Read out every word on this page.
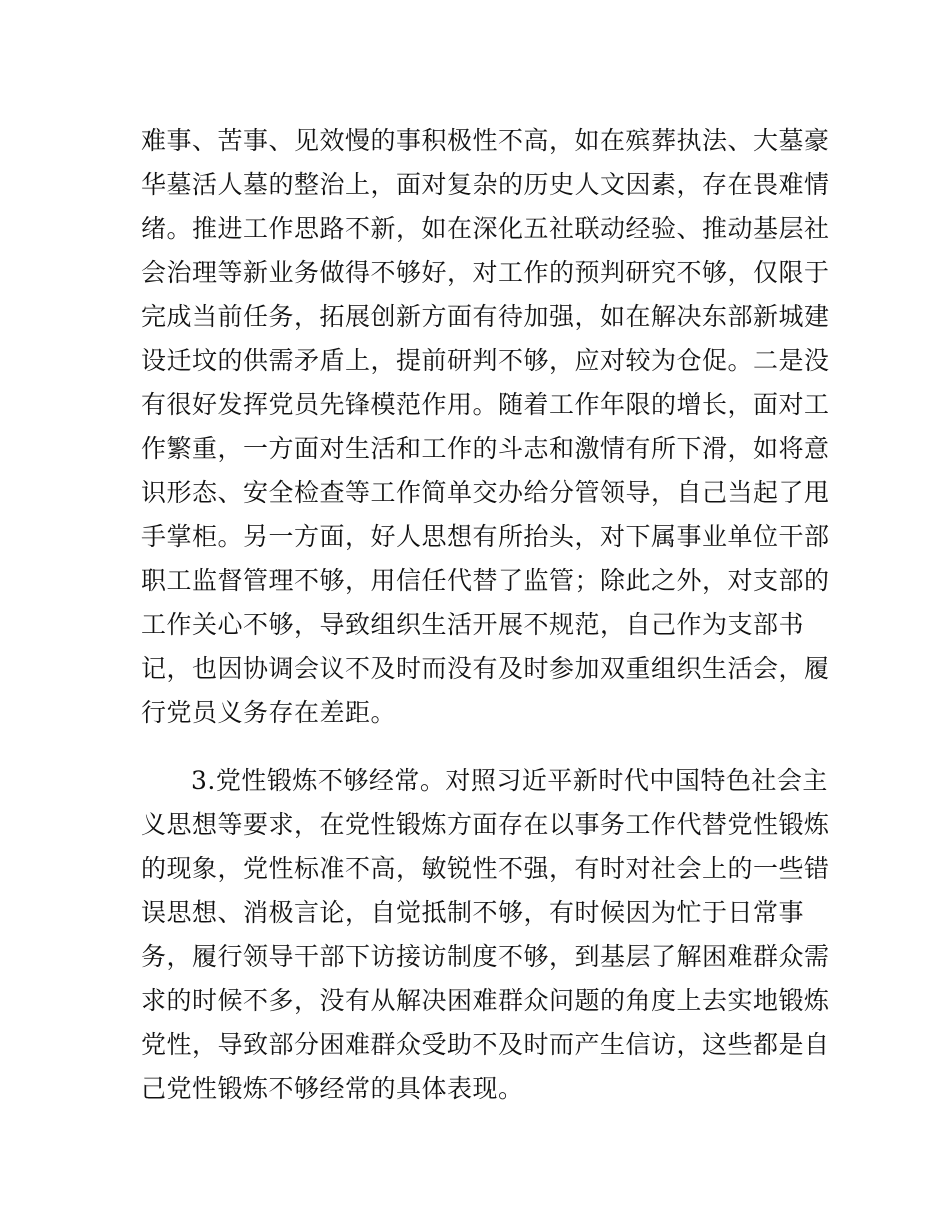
难事、苦事、见效慢的事积极性不高，如在殡葬执法、大墓豪
华墓活人墓的整治上，面对复杂的历史人文因素，存在畏难情
绪。推进工作思路不新，如在深化五社联动经验、推动基层社
会治理等新业务做得不够好，对工作的预判研究不够，仅限于
完成当前任务，拓展创新方面有待加强，如在解决东部新城建
设迁坟的供需矛盾上，提前研判不够，应对较为仓促。二是没
有很好发挥党员先锋模范作用。随着工作年限的增长，面对工
作繁重，一方面对生活和工作的斗志和激情有所下滑，如将意
识形态、安全检查等工作简单交办给分管领导，自己当起了甩
手掌柜。另一方面，好人思想有所抬头，对下属事业单位干部
职工监督管理不够，用信任代替了监管；除此之外，对支部的
工作关心不够，导致组织生活开展不规范，自己作为支部书
记，也因协调会议不及时而没有及时参加双重组织生活会，履
行党员义务存在差距。
3.党性锻炼不够经常。对照习近平新时代中国特色社会主
义思想等要求，在党性锻炼方面存在以事务工作代替党性锻炼
的现象，党性标准不高，敏锐性不强，有时对社会上的一些错
误思想、消极言论，自觉抵制不够，有时候因为忙于日常事
务，履行领导干部下访接访制度不够，到基层了解困难群众需
求的时候不多，没有从解决困难群众问题的角度上去实地锻炼
党性，导致部分困难群众受助不及时而产生信访，这些都是自
己党性锻炼不够经常的具体表现。
